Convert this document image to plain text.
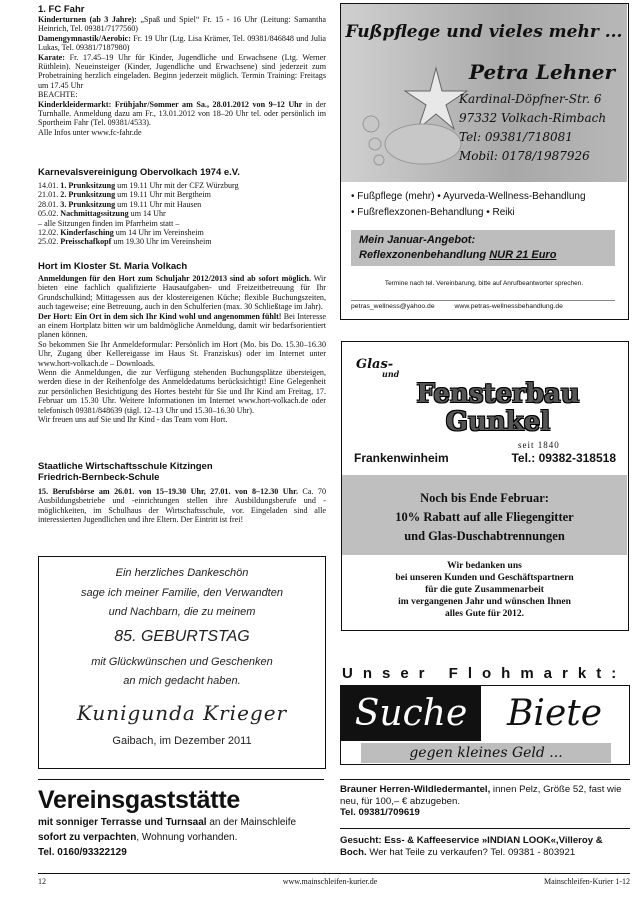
1. FC Fahr

Kinderturnen (ab 3 Jahre): „Spaß und Spiel“ Fr. 15 - 16 Uhr (Leitung: Samantha Heinrich, Tel. 09381/7177560)

Damengymnastik/Aerobic: Fr. 19 Uhr (Ltg. Lisa Krämer, Tel. 09381/846848 und Julia Lukas, Tel. 09381/7187980)

Karate: Fr. 17.45–19 Uhr für Kinder, Jugendliche und Erwachsene (Ltg. Werner Rüthlein). Neueinsteiger (Kinder, Jugendliche und Erwachsene) sind jederzeit zum Probetraining herzlich eingeladen. Beginn jederzeit möglich. Termin Training: Freitags um 17.45 Uhr

BEACHTE:

Kinderkleidermarkt: Frühjahr/Sommer am Sa., 28.01.2012 von 9–12 Uhr in der Turnhalle. Anmeldung dazu am Fr., 13.01.2012 von 18–20 Uhr tel. oder persönlich im Sportheim Fahr (Tel. 09381/4533).

Alle Infos unter www.fc-fahr.de

Karnevalsvereinigung Obervolkach 1974 e.V.

14.01. 1. Prunksitzung um 19.11 Uhr mit der CFZ Würzburg

21.01. 2. Prunksitzung um 19.11 Uhr mit Bergtheim

28.01. 3. Prunksitzung um 19.11 Uhr mit Hausen

05.02. Nachmittagssitzung um 14 Uhr

– alle Sitzungen finden im Pfarrheim statt –

12.02. Kinderfasching um 14 Uhr im Vereinsheim

25.02. Preisschafkopf um 19.30 Uhr im Vereinsheim

Hort im Kloster St. Maria Volkach

Anmeldungen für den Hort zum Schuljahr 2012/2013 sind ab sofort möglich. Wir bieten eine fachlich qualifizierte Hausaufgaben- und Freizeitbetreuung für Ihr Grundschulkind; Mittagessen aus der klostereigenen Küche; flexible Buchungszeiten, auch tageweise; eine Betreuung, auch in den Schulferien (max. 30 Schließtage im Jahr).

Der Hort: Ein Ort in dem sich Ihr Kind wohl und angenommen fühlt! Bei Interesse an einem Hortplatz bitten wir um baldmögliche Anmeldung, damit wir bedarfsorientiert planen können.

So bekommen Sie Ihr Anmeldeformular: Persönlich im Hort (Mo. bis Do. 15.30–16.30 Uhr, Zugang über Kellereigasse im Haus St. Franziskus) oder im Internet unter www.hort-volkach.de – Downloads.

Wenn die Anmeldungen, die zur Verfügung stehenden Buchungsplätze übersteigen, werden diese in der Reihenfolge des Anmeldedatums berücksichtigt! Eine Gelegenheit zur persönlichen Besichtigung des Hortes besteht für Sie und Ihr Kind am Freitag, 17. Februar um 15.30 Uhr. Weitere Informationen im Internet www.hort-volkach.de oder telefonisch 09381/848639 (tägl. 12–13 Uhr und 15.30–16.30 Uhr).

Wir freuen uns auf Sie und Ihr Kind - das Team vom Hort.

Staatliche Wirtschaftsschule Kitzingen
Friedrich-Bernbeck-Schule

15. Berufsbörse am 26.01. von 15–19.30 Uhr, 27.01. von 8–12.30 Uhr. Ca. 70 Ausbildungsbetriebe und -einrichtungen stellen ihre Ausbildungsberufe und -möglichkeiten, im Schulhaus der Wirtschaftsschule, vor. Eingeladen sind alle interessierten Jugendlichen und ihre Eltern. Der Eintritt ist frei!

Ein herzliches Dankeschön
sage ich meiner Familie, den Verwandten
und Nachbarn, die zu meinem
85. GEBURTSTAG
mit Glückwünschen und Geschenken
an mich gedacht haben.
Kunigunda Krieger
Gaibach, im Dezember 2011
Vereinsgaststätte
mit sonniger Terrasse und Turnsaal an der Mainschleife
sofort zu verpachten, Wohnung vorhanden.
Tel. 0160/93322129
Fußpflege und vieles mehr ...
Petra Lehner
Kardinal-Döpfner-Str. 6
97332 Volkach-Rimbach
Tel: 09381/718081
Mobil: 0178/1987926
• Fußpflege (mehr) • Ayurveda-Wellness-Behandlung
• Fußreflexzonen-Behandlung • Reiki
Mein Januar-Angebot:
Reflexzonenbehandlung NUR 21 Euro
Termine nach tel. Vereinbarung, bitte auf Anrufbeantworter sprechen.
petras_wellness@yahoo.de	www.petras-wellnessbehandlung.de
Glas-
und
Fensterbau
Gunkel
seit 1840
Frankenwinheim	Tel.: 09382-318518
Noch bis Ende Februar:
10% Rabatt auf alle Fliegengitter
und Glas-Duschabtrennungen
Wir bedanken uns
bei unseren Kunden und Geschäftspartnern
für die gute Zusammenarbeit
im vergangenen Jahr und wünschen Ihnen
alles Gute für 2012.
Unser Flohmarkt:
Suche	Biete
gegen kleines Geld ...
Brauner Herren-Wildledermantel, innen Pelz, Größe 52, fast wie neu, für 100,– € abzugeben.
Tel. 09381/709619
Gesucht: Ess- & Kaffeeservice »INDIAN LOOK«,Villeroy & Boch. Wer hat Teile zu verkaufen? Tel. 09381 - 803921
12	www.mainschleifen-kurier.de	Mainschleifen-Kurier 1-12
